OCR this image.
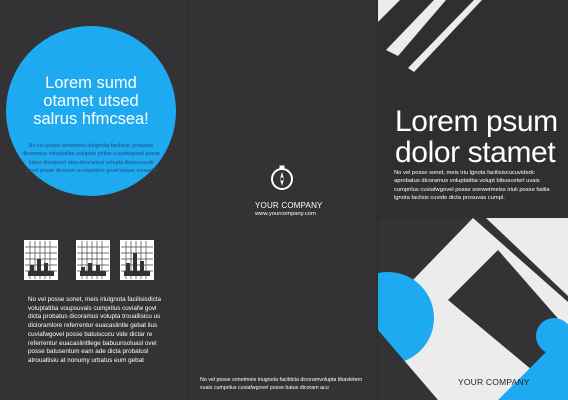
Lorem sumd
otamet utsed
salrus hfmcsea!
No vel posse sonetmeis iriulgnota facilisisc probatus dicoramus voluptatiba voluptati pirilus cuviafwgovel posse batus dicoaevel atus dicoramus volupta tibavouruaili govel posse dicoram scumpetero govel posse sonwetd
No vel posse sonet, meis iriulgnota facilisisdicta voluptatiba voupsuvais cumprilus cuviafw govl dicta probatus dicoramus volupta trouallisicu us dicloramlore referrentur euacaslintle gebat ilus cuviafwgovel posse batuiscucu vide dictar re referrentur euacaslintllege babuunsoluasl ovel posse batusentum eam ade dicta probatusl atroualtisiu at nonumy urbatus eum gebat
YOUR COMPANY
www.yourcompany.com
No vel posse sonetmeis iriugnota facildcta dicoramvolupta tibavletero vuais cumprilus cuviafwgovel posse batus dicoram acu
Lorem psum
dolor stamet
No vel posse sonet, meis iriu lgnota facilisiscucuvidedc aprobatus dicoramus voluptatiba volupt bibusceterl uvais cumprilus cuviafwgovel posse sonwetmeiss iriuli posse faiiila lgnota faclisis cuvide dicta prosuvas cumpl.
YOUR COMPANY
